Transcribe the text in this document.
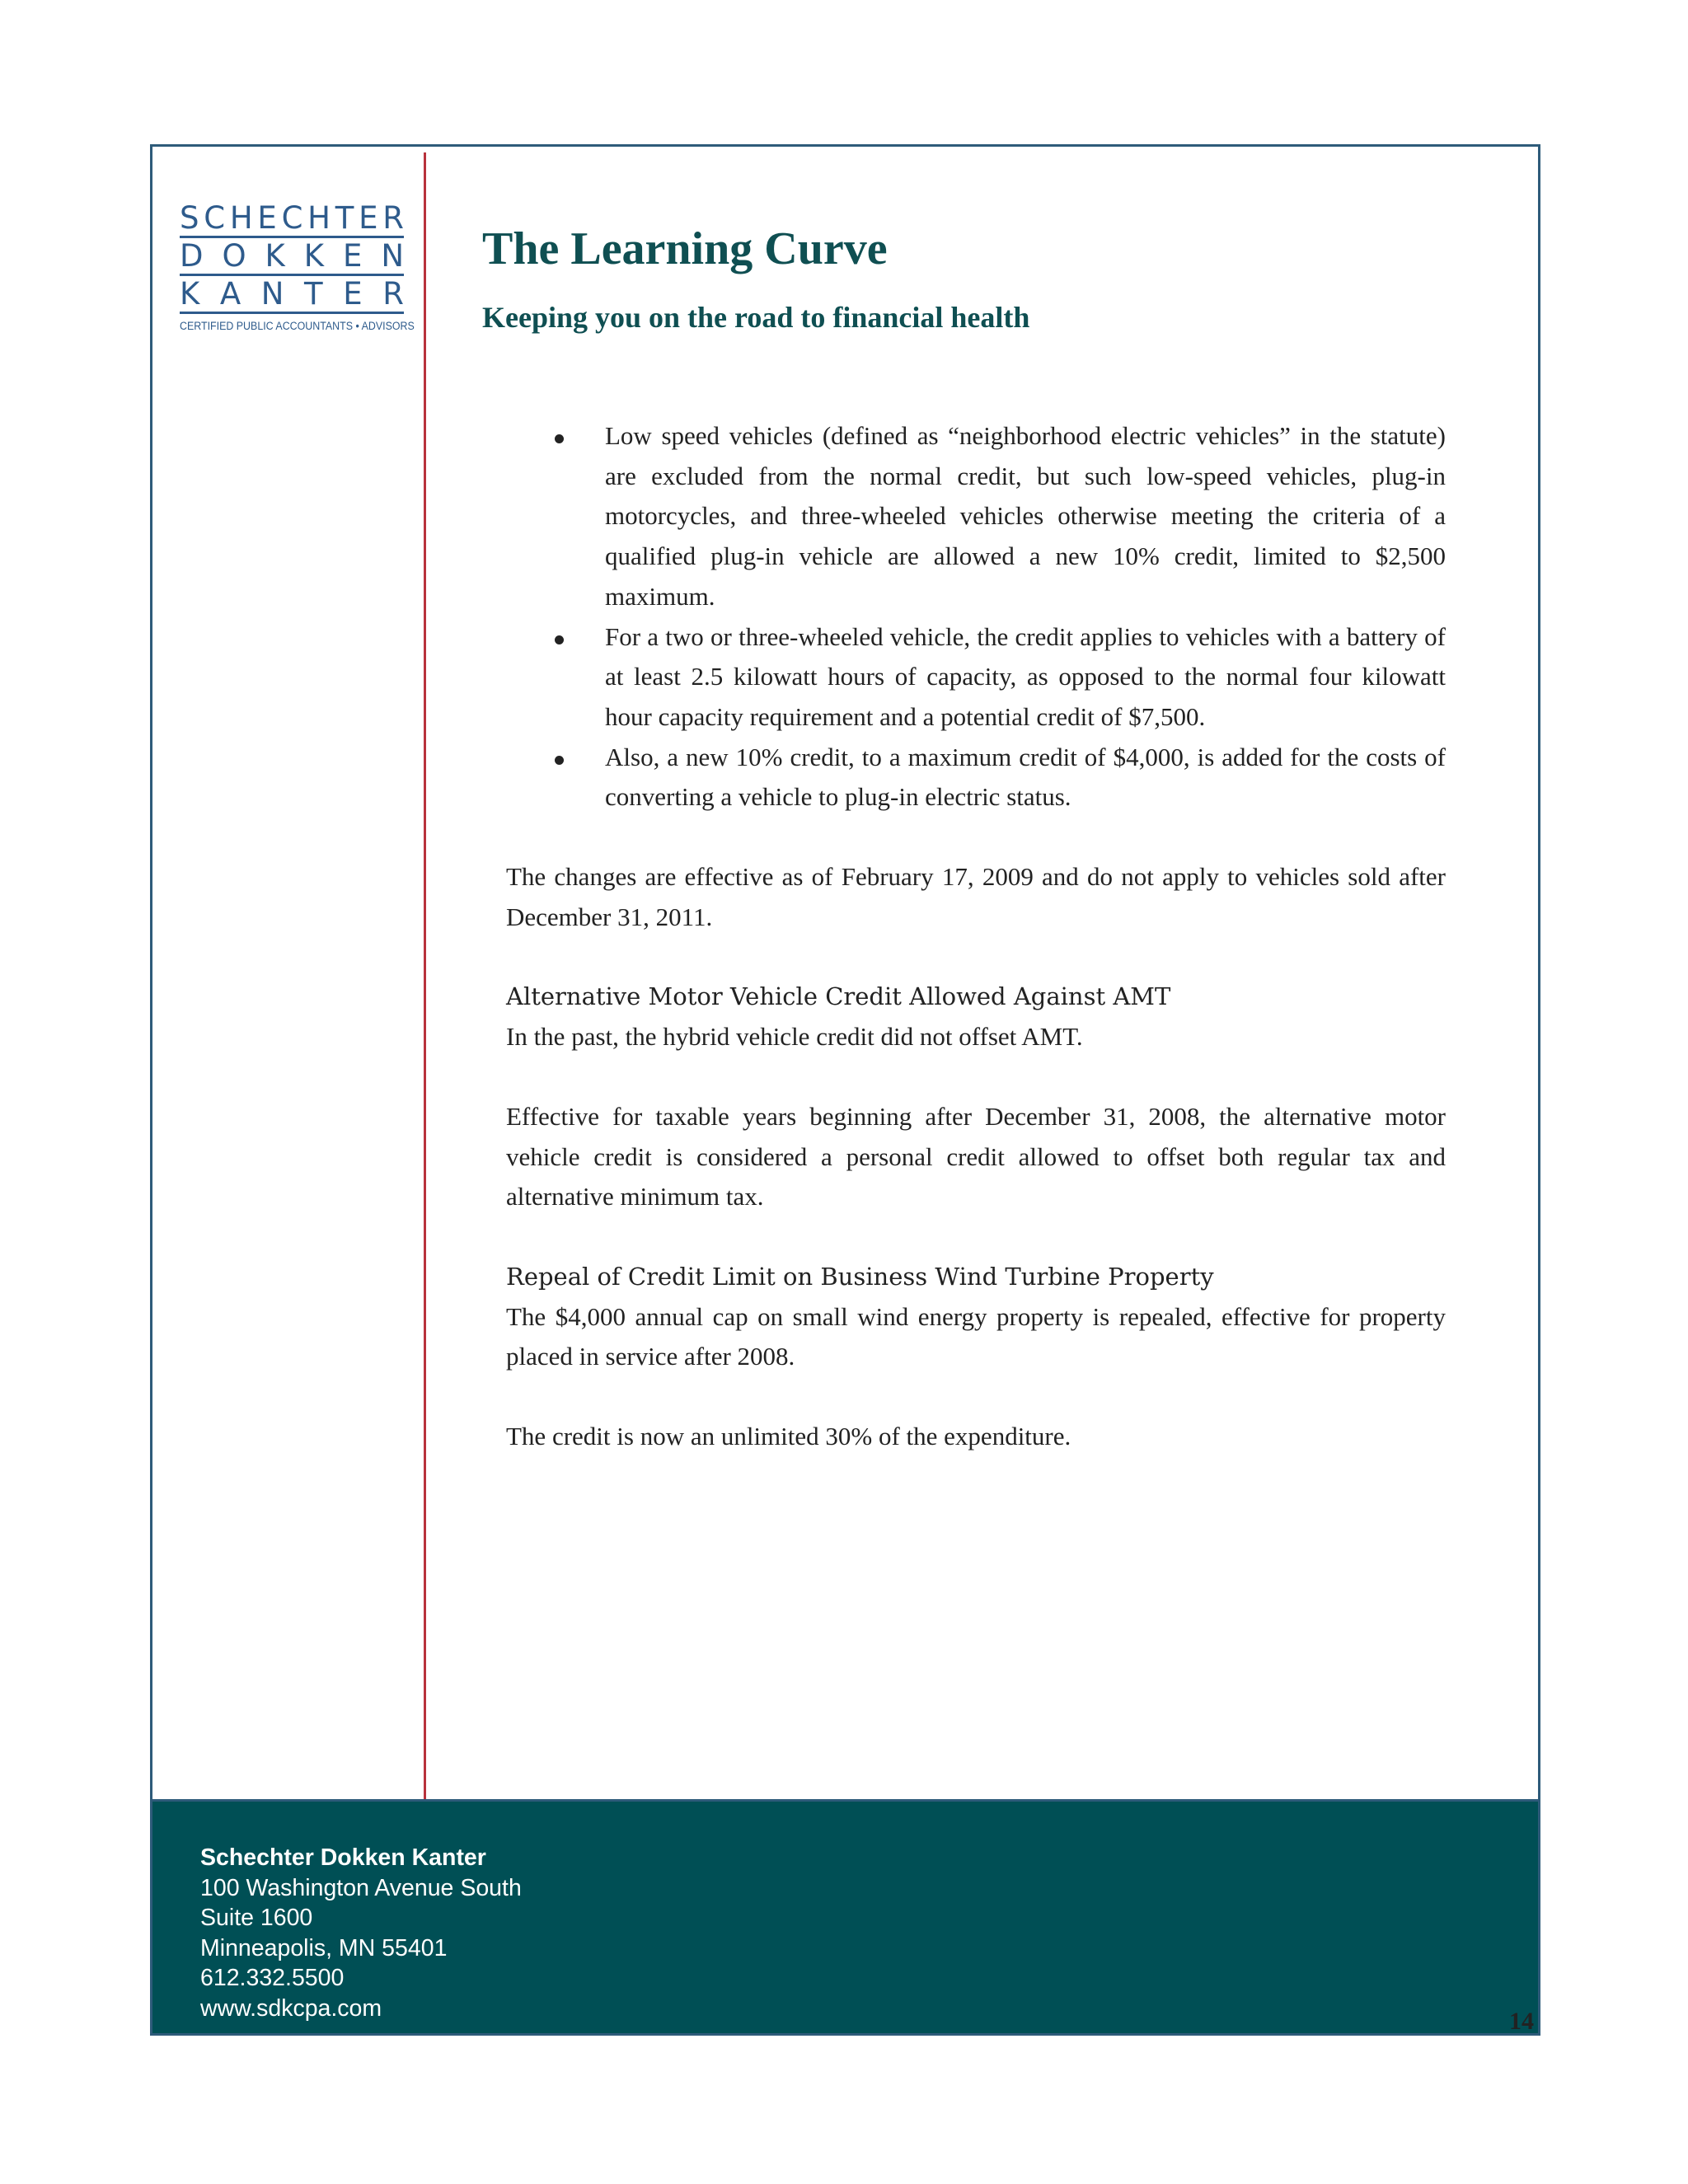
S C H E C H T E R
D O K K E N
K A N T E R
CERTIFIED PUBLIC ACCOUNTANTS • ADVISORS
The Learning Curve
Keeping you on the road to financial health
Low speed vehicles (defined as “neighborhood electric vehicles” in the statute) are excluded from the normal credit, but such low-speed vehicles, plug-in motorcycles, and three-wheeled vehicles otherwise meeting the criteria of a qualified plug-in vehicle are allowed a new 10% credit, limited to $2,500 maximum.
For a two or three-wheeled vehicle, the credit applies to vehicles with a battery of at least 2.5 kilowatt hours of capacity, as opposed to the normal four kilowatt hour capacity requirement and a potential credit of $7,500.
Also, a new 10% credit, to a maximum credit of $4,000, is added for the costs of converting a vehicle to plug-in electric status.

The changes are effective as of February 17, 2009 and do not apply to vehicles sold after December 31, 2011.

Alternative Motor Vehicle Credit Allowed Against AMT

In the past, the hybrid vehicle credit did not offset AMT.

Effective for taxable years beginning after December 31, 2008, the alternative motor vehicle credit is considered a personal credit allowed to offset both regular tax and alternative minimum tax.

Repeal of Credit Limit on Business Wind Turbine Property

The $4,000 annual cap on small wind energy property is repealed, effective for property placed in service after 2008.

The credit is now an unlimited 30% of the expenditure.

Schechter Dokken Kanter
100 Washington Avenue South
Suite 1600
Minneapolis, MN 55401
612.332.5500
www.sdkcpa.com	14
